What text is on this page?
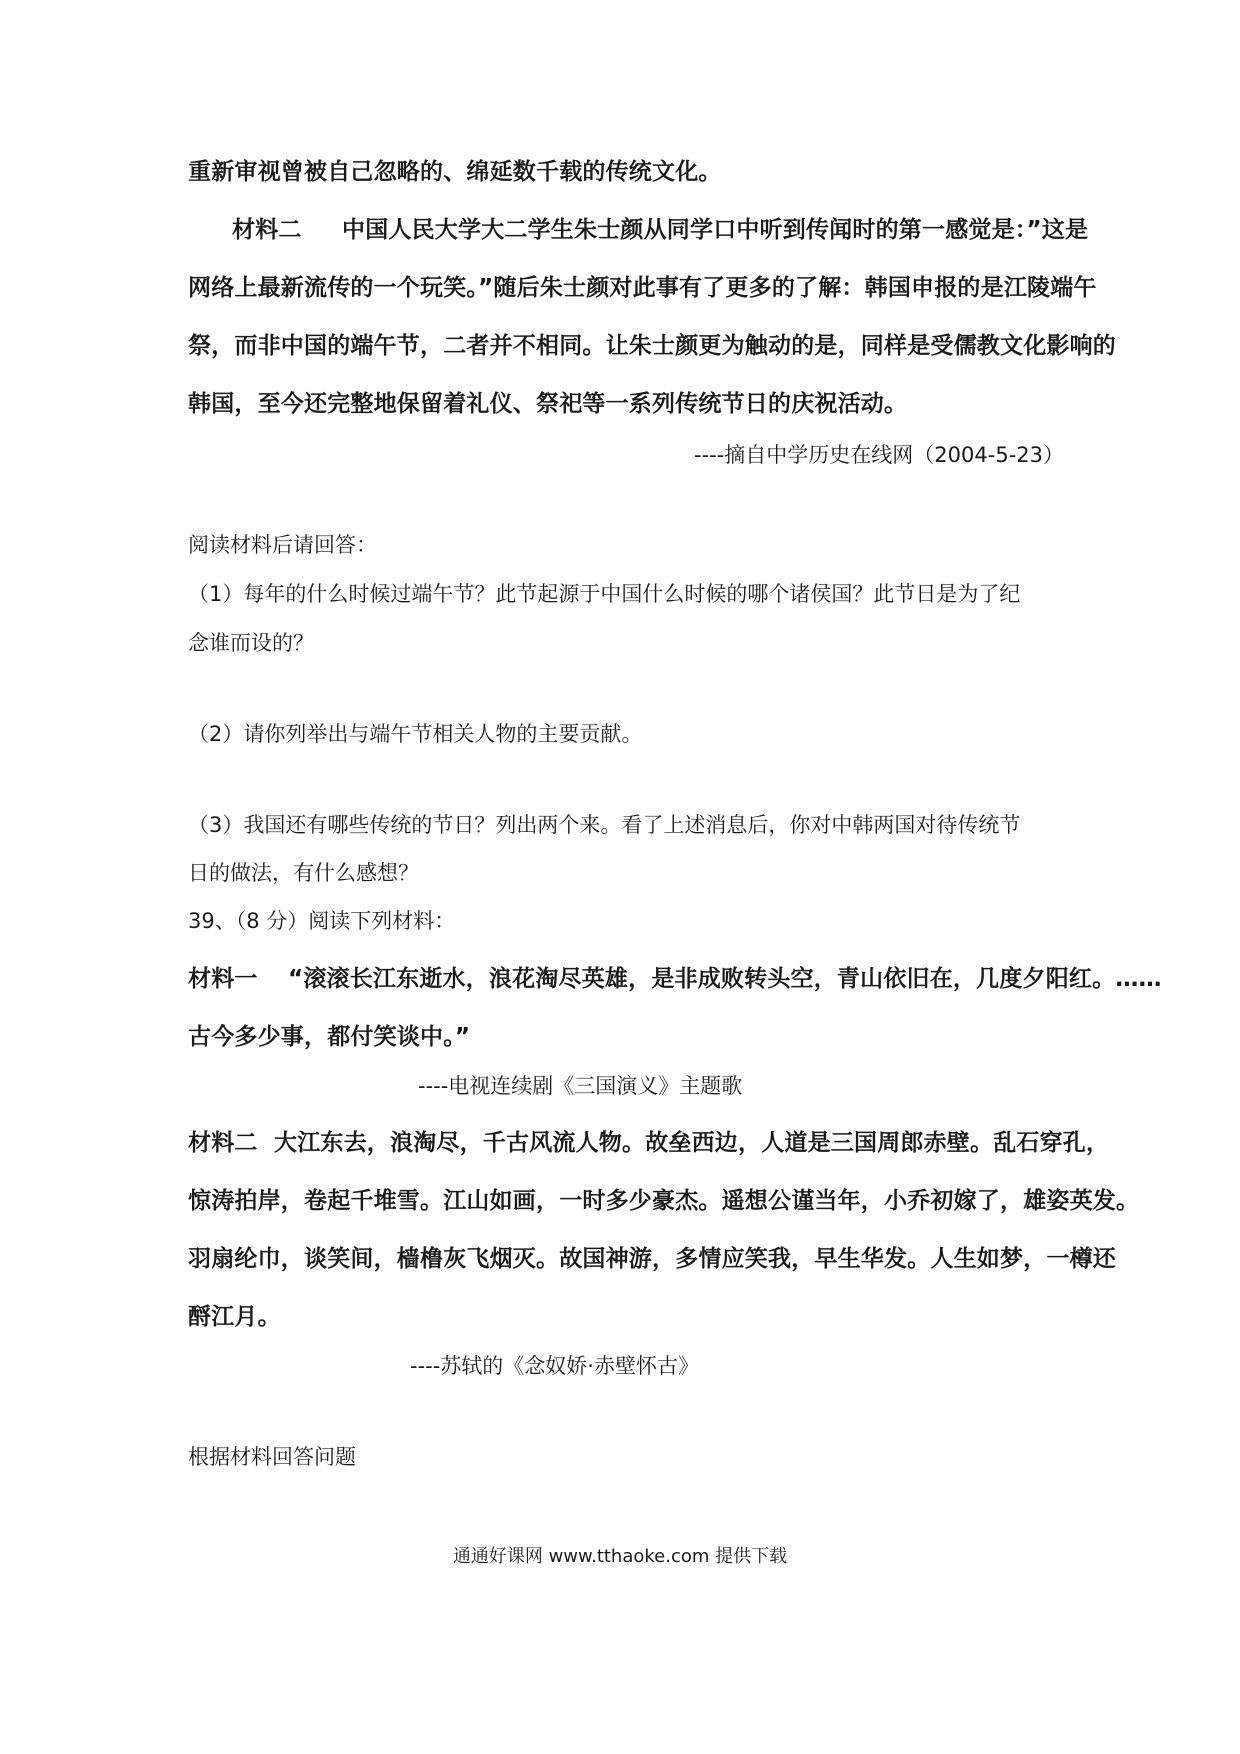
重新审视曾被自己忽略的、绵延数千载的传统文化。
材料二 中国人民大学大二学生朱士颜从同学口中听到传闻时的第一感觉是：”这是
网络上最新流传的一个玩笑。”随后朱士颜对此事有了更多的了解：韩国申报的是江陵端午
祭，而非中国的端午节，二者并不相同。让朱士颜更为触动的是，同样是受儒教文化影响的
韩国，至今还完整地保留着礼仪、祭祀等一系列传统节日的庆祝活动。
----摘自中学历史在线网（2004-5-23）
阅读材料后请回答：
（1）每年的什么时候过端午节？此节起源于中国什么时候的哪个诸侯国？此节日是为了纪
念谁而设的？
（2）请你列举出与端午节相关人物的主要贡献。
（3）我国还有哪些传统的节日？列出两个来。看了上述消息后，你对中韩两国对待传统节
日的做法，有什么感想？
39、（8 分）阅读下列材料：
材料一 “滚滚长江东逝水，浪花淘尽英雄，是非成败转头空，青山依旧在，几度夕阳红。……
古今多少事，都付笑谈中。”
----电视连续剧《三国演义》主题歌
材料二 大江东去，浪淘尽，千古风流人物。故垒西边，人道是三国周郎赤壁。乱石穿孔，
惊涛拍岸，卷起千堆雪。江山如画，一时多少豪杰。遥想公谨当年，小乔初嫁了，雄姿英发。
羽扇纶巾，谈笑间，樯橹灰飞烟灭。故国神游，多情应笑我，早生华发。人生如梦，一樽还
酹江月。
----苏轼的《念奴娇·赤壁怀古》
根据材料回答问题
通通好课网 www.tthaoke.com 提供下载
